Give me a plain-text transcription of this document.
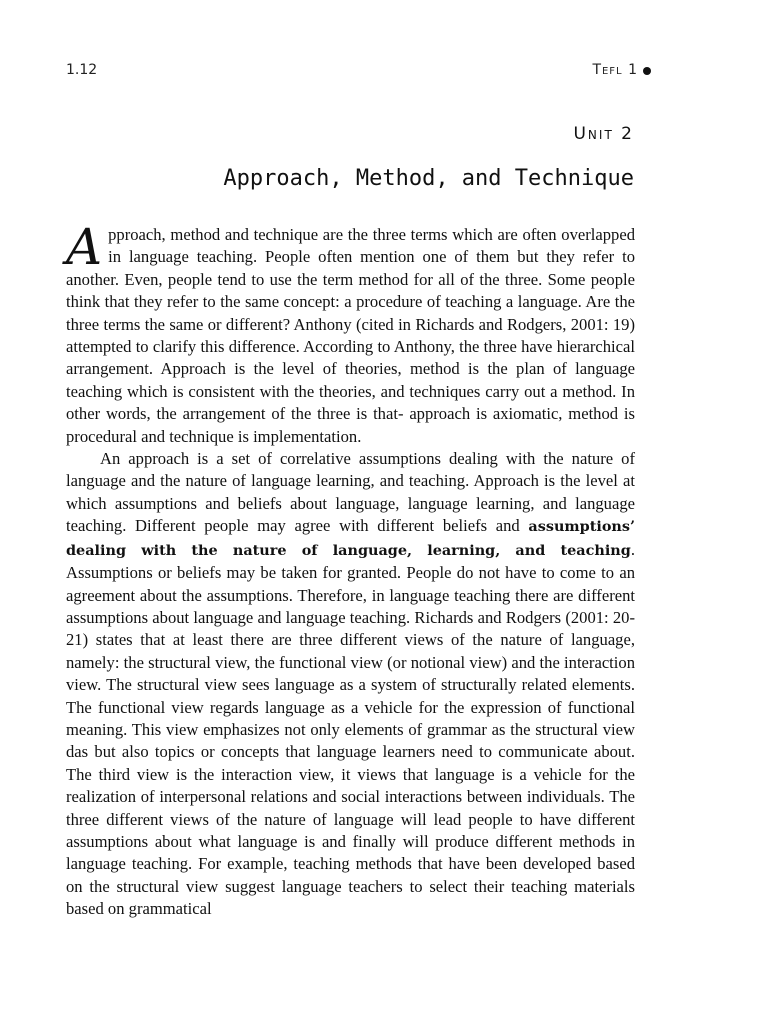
1.12	Tefl 1
Unit 2
Approach, Method, and Technique

Approach, method and technique are the three terms which are often overlapped in language teaching. People often mention one of them but they refer to another. Even, people tend to use the term method for all of the three. Some people think that they refer to the same concept: a procedure of teaching a language. Are the three terms the same or different? Anthony (cited in Richards and Rodgers, 2001: 19) attempted to clarify this difference. According to Anthony, the three have hierarchical arrangement. Approach is the level of theories, method is the plan of language teaching which is consistent with the theories, and techniques carry out a method. In other words, the arrangement of the three is that- approach is axiomatic, method is procedural and technique is implementation.

An approach is a set of correlative assumptions dealing with the nature of language and the nature of language learning, and teaching. Approach is the level at which assumptions and beliefs about language, language learning, and language teaching. Different people may agree with different beliefs and assumptions’ dealing with the nature of language, learning, and teaching. Assumptions or beliefs may be taken for granted. People do not have to come to an agreement about the assumptions. Therefore, in language teaching there are different assumptions about language and language teaching. Richards and Rodgers (2001: 20-21) states that at least there are three different views of the nature of language, namely: the structural view, the functional view (or notional view) and the interaction view. The structural view sees language as a system of structurally related elements. The functional view regards language as a vehicle for the expression of functional meaning. This view emphasizes not only elements of grammar as the structural view das but also topics or concepts that language learners need to communicate about. The third view is the interaction view, it views that language is a vehicle for the realization of interpersonal relations and social interactions between individuals. The three different views of the nature of language will lead people to have different assumptions about what language is and finally will produce different methods in language teaching. For example, teaching methods that have been developed based on the structural view suggest language teachers to select their teaching materials based on grammatical
